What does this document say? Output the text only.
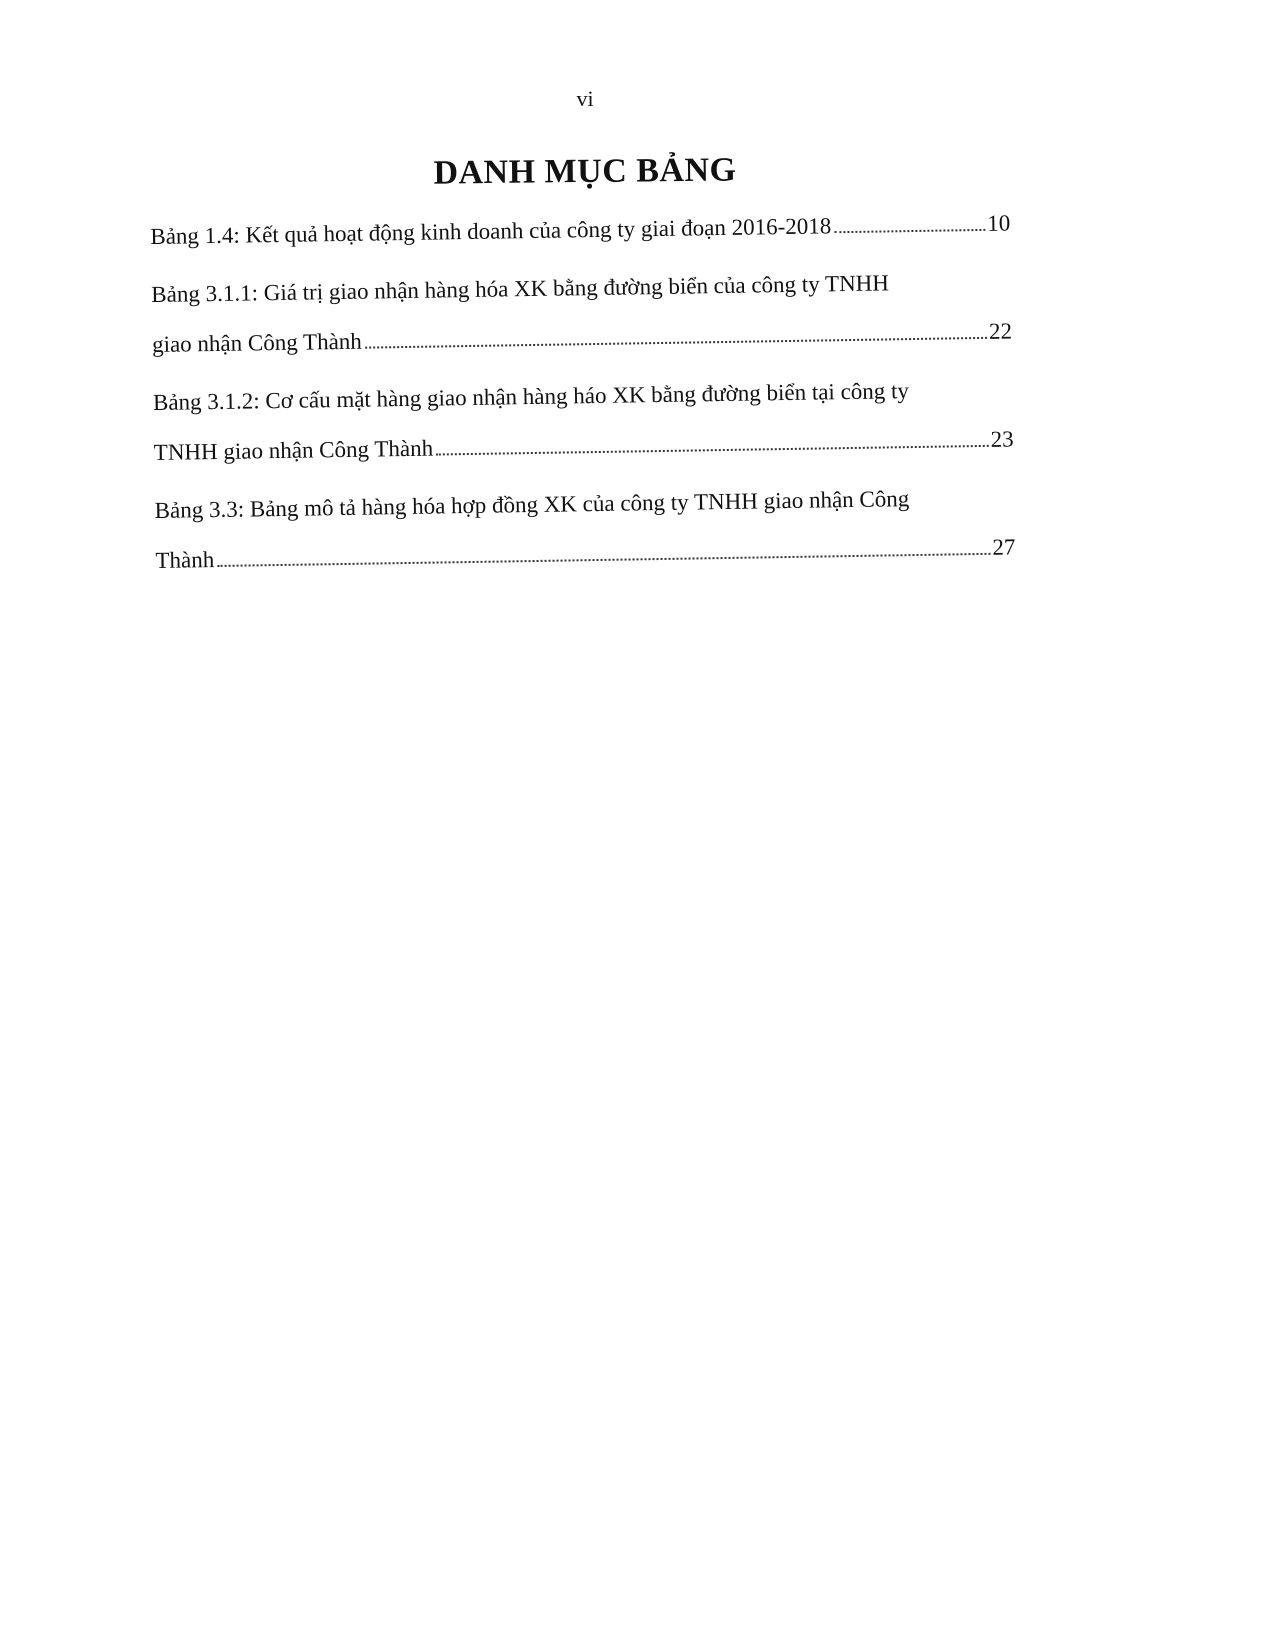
vi
DANH MỤC BẢNG
Bảng 1.4: Kết quả hoạt động kinh doanh của công ty giai đoạn 2016-2018	10
Bảng 3.1.1: Giá trị giao nhận hàng hóa XK bằng đường biển của công ty TNHH
giao nhận Công Thành	22
Bảng 3.1.2: Cơ cấu mặt hàng giao nhận hàng háo XK bằng đường biển tại công ty
TNHH giao nhận Công Thành	23
Bảng 3.3: Bảng mô tả hàng hóa hợp đồng XK của công ty TNHH giao nhận Công
Thành	27
